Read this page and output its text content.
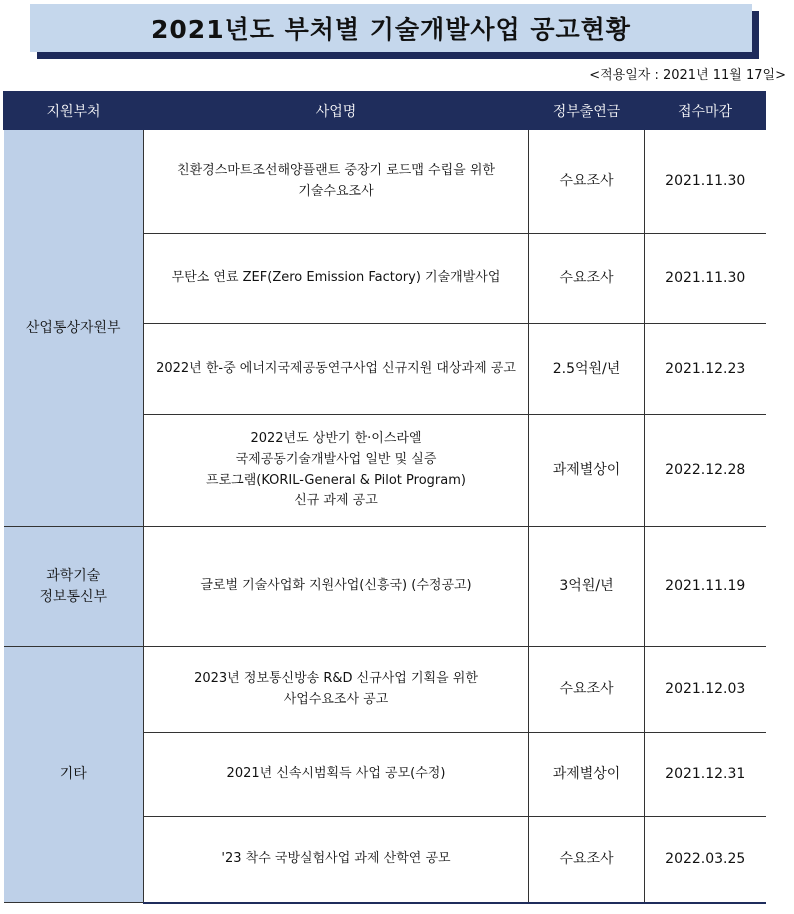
2021년도 부처별 기술개발사업 공고현황
<적용일자 : 2021년 11월 17일>
지원부처	사업명	정부출연금	접수마감

산업통상자원부	친환경스마트조선해양플랜트 중장기 로드맵 수립을 위한
기술수요조사	수요조사	2021.11.30

	무탄소 연료 ZEF(Zero Emission Factory) 기술개발사업	수요조사	2021.11.30

	2022년 한-중 에너지국제공동연구사업 신규지원 대상과제 공고	2.5억원/년	2021.12.23

	2022년도 상반기 한·이스라엘
국제공동기술개발사업 일반 및 실증
프로그램(KORIL-General & Pilot Program)
신규 과제 공고	과제별상이	2022.12.28

과학기술
정보통신부	글로벌 기술사업화 지원사업(신흥국) (수정공고)	3억원/년	2021.11.19

기타	2023년 정보통신방송 R&D 신규사업 기획을 위한
사업수요조사 공고	수요조사	2021.12.03

	2021년 신속시범획득 사업 공모(수정)	과제별상이	2021.12.31

	'23 착수 국방실험사업 과제 산학연 공모	수요조사	2022.03.25
